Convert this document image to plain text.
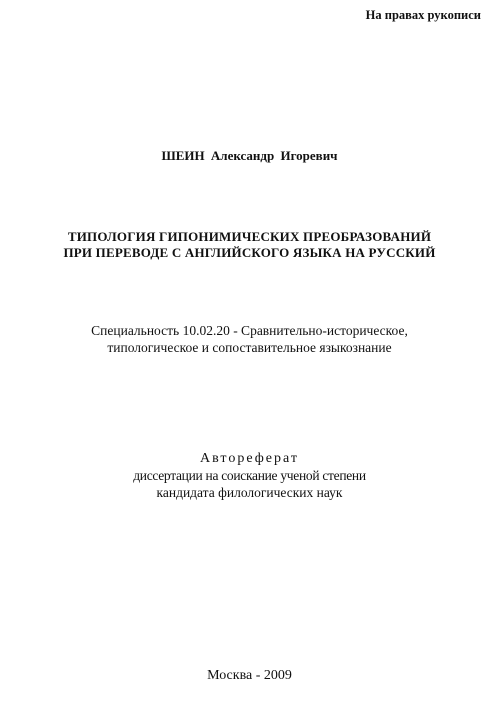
На правах рукописи
ШЕИН Александр Игоревич
ТИПОЛОГИЯ ГИПОНИМИЧЕСКИХ ПРЕОБРАЗОВАНИЙ
ПРИ ПЕРЕВОДЕ С АНГЛИЙСКОГО ЯЗЫКА НА РУССКИЙ
Специальность 10.02.20 - Сравнительно-историческое,
типологическое и сопоставительное языкознание
Автореферат
диссертации на соискание ученой степени
кандидата филологических наук
Москва - 2009
